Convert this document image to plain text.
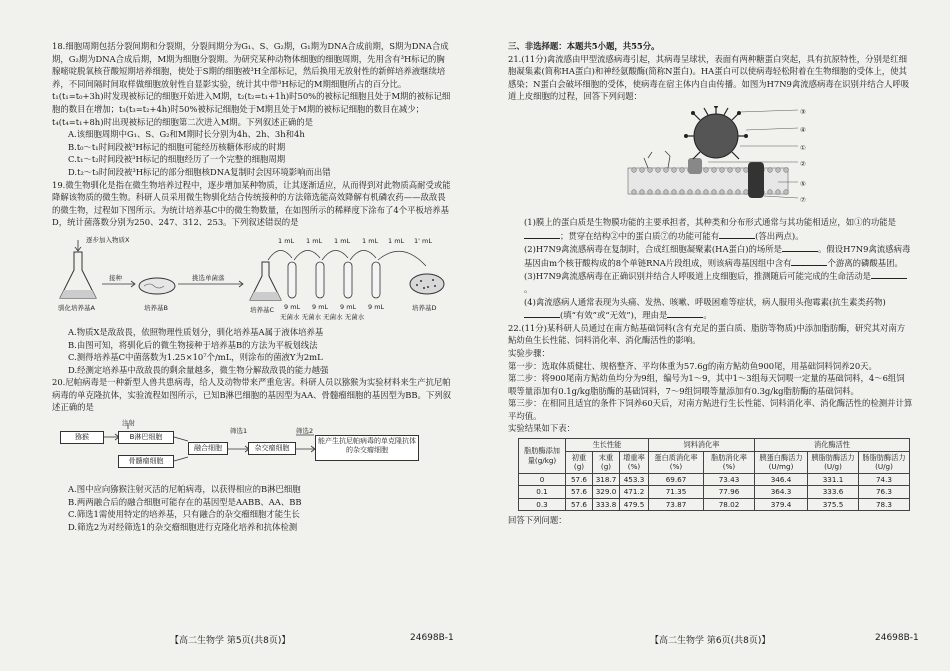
18.细胞周期包括分裂间期和分裂期，分裂间期分为G₁、S、G₂期，G₁期为DNA合成前期，S期为DNA合成期，G₂期为DNA合成后期，M期为细胞分裂期。为研究某种动物体细胞的细胞周期，先用含有³H标记的胸腺嘧啶脱氧核苷酸短期培养细胞，使处于S期的细胞被³H全部标记，然后换用无放射性的新鲜培养液继续培养，不同间隔时间取样做细胞放射性自显影实验，统计其中带³H标记的M期细胞所占的百分比。t₁(t₁=t₀+3h)时发现被标记的细胞开始进入M期，t₂(t₂=t₁+1h)时50%的被标记细胞且处于M期的被标记细胞的数目在增加；t₃(t₃=t₂+4h)时50%被标记细胞处于M期且处于M期的被标记细胞的数目在减少；t₄(t₄=t₁+8h)时出现被标记的细胞第二次进入M期。下列叙述正确的是

A.该细胞周期中G₁、S、G₂和M期时长分别为4h、2h、3h和4h

B.t₀～t₁时间段被³H标记的细胞可能经历核糖体形成的时期

C.t₁～t₂时间段被³H标记的细胞经历了一个完整的细胞周期

D.t₂～t₃时间段被³H标记的部分细胞核DNA复制时会因环境影响而出错

19.微生物驯化是指在微生物培养过程中，逐步增加某种物质，让其逐渐适应，从而得到对此物质高耐受或能降解该物质的微生物。科研人员采用微生物驯化结合传统接种的方法筛选能高效降解有机磷农药——敌敌畏的微生物，过程如下图所示。为统计培养基C中的微生物数量，在如图所示的稀释度下涂布了4个平板培养基D，统计菌落数分别为250、247、312、253。下列叙述错误的是

逐步加入物质X
接种	挑选单菌落
1 mL 1 mL 1 mL 1 mL 1 mL 1' mL
9 mL 9 mL 9 mL 9 mL
无菌水 无菌水 无菌水 无菌水
驯化培养基A	培养基B	培养基C	培养基D

A.物质X是敌敌畏，依照物理性质划分，驯化培养基A属于液体培养基

B.由图可知，将驯化后的微生物接种于培养基B的方法为平板划线法

C.测得培养基C中菌落数为1.25×10⁷个/mL，则涂布的菌液Y为2mL

D.经测定培养基中敌敌畏的剩余量越多，微生物分解敌敌畏的能力越强

20.尼帕病毒是一种新型人兽共患病毒，给人及动物带来严重危害。科研人员以猕猴为实验材料来生产抗尼帕病毒的单克隆抗体，实验流程如图所示，已知B淋巴细胞的基因型为AA、骨髓瘤细胞的基因型为BB。下列叙述正确的是

注射
猕猴	B淋巴细胞
骨髓瘤细胞
融合细胞
筛选1
杂交瘤细胞
筛选2
能产生抗尼帕病毒的单克隆抗体的杂交瘤细胞

A.图中应向猕猴注射灭活的尼帕病毒，以获得相应的B淋巴细胞

B.两两融合后的融合细胞可能存在的基因型是AABB、AA、BB

C.筛选1需使用特定的培养基，只有融合的杂交瘤细胞才能生长

D.筛选2为对经筛选1的杂交瘤细胞进行克隆化培养和抗体检测

【高二生物学 第5页(共8页)】	24698B-1

三、非选择题：本题共5小题，共55分。

21.(11分)禽流感由甲型流感病毒引起，其病毒呈球状，表面有两种糖蛋白突起，具有抗原特性，分别是红细胞凝集素(简称HA蛋白)和神经氨酸酶(简称N蛋白)。HA蛋白可以使病毒轻松附着在生物细胞的受体上，使其感染；N蛋白会破坏细胞的受体，使病毒在宿主体内自由传播。如图为H7N9禽流感病毒在识别并结合人呼吸道上皮细胞的过程，回答下列问题：

③
④
①
②
⑤
⑦

(1)膜上的蛋白质是生物膜功能的主要承担者，其种类和分布形式通常与其功能相适应，如①的功能是；贯穿在结构②中的蛋白质⑦的功能可能有	(答出两点)。

(2)H7N9禽流感病毒在复制时，合成红细胞凝聚素(HA蛋白)的场所是	。假设H7N9禽流感病毒基因由m个核苷酸构成的8个单链RNA片段组成，则该病毒基因组中含有	个游离的磷酸基团。

(3)H7N9禽流感病毒在正确识别并结合人呼吸道上皮细胞后，推测随后可能完成的生命活动是。

(4)禽流感病人通常表现为头痛、发热、咳嗽、呼吸困难等症状，病人服用头孢霉素(抗生素类药物)(填“有效”或“无效”)，理由是	。

22.(11分)某科研人员通过在南方鲇基础饲料(含有充足的蛋白质、脂肪等物质)中添加脂肪酶，研究其对南方鲇幼鱼生长性能、饲料消化率、消化酶活性的影响。

实验步骤：

第一步：选取体质健壮、规格整齐、平均体重为57.6g的南方鲇幼鱼900尾，用基础饲料饲养20天。

第二步：将900尾南方鲇幼鱼均分为9组，编号为1～9，其中1～3组每天饲喂一定量的基础饲料，4～6组饲喂等量添加有0.1g/kg脂肪酶的基础饲料，7～9组饲喂等量添加有0.3g/kg脂肪酶的基础饲料。

第三步：在相同且适宜的条件下饲养60天后，对南方鲇进行生长性能、饲料消化率、消化酶活性的检测并计算平均值。

实验结果如下表：

脂肪酶添加量(g/kg)	生长性能			饲料消化率		消化酶活性		
	初重(g)	末重(g)	增重率(%)	蛋白质消化率(%)	脂肪消化率(%)	胰蛋白酶活力(U/mg)	胰脂肪酶活力(U/g)	肠脂肪酶活力(U/g)
0	57.6	318.7	453.3	69.67	73.43	346.4	331.1	74.3
0.1	57.6	329.0	471.2	71.35	77.96	364.3	333.6	76.3
0.3	57.6	333.8	479.5	73.87	78.02	379.4	375.5	78.3

回答下列问题：

【高二生物学 第6页(共8页)】	24698B-1
